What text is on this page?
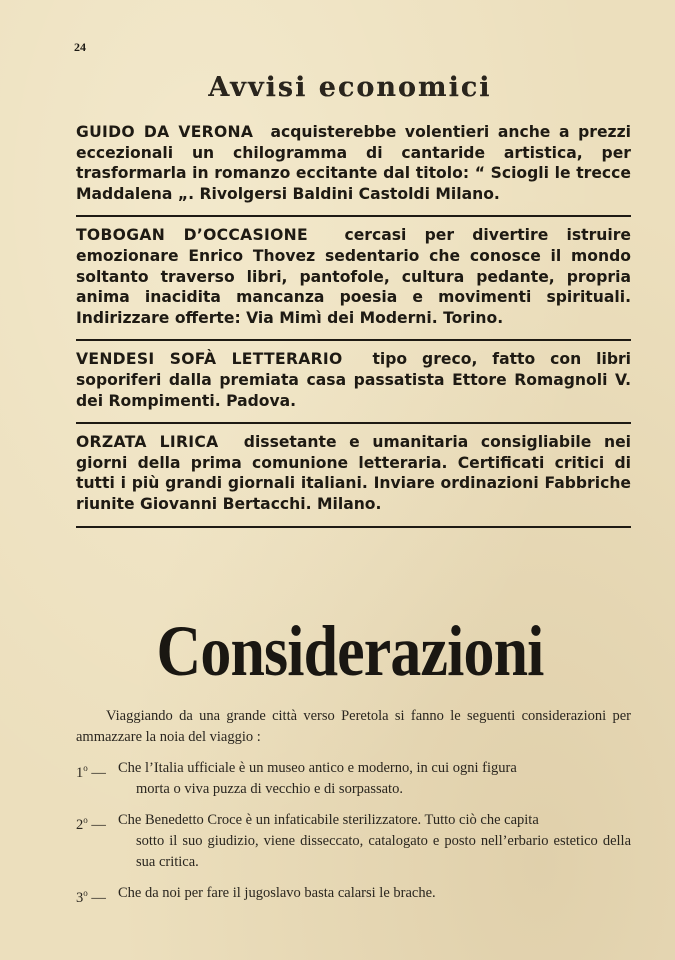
24
Avvisi economici

GUIDO DA VERONA acquisterebbe volentieri anche a prezzi eccezionali un chilogramma di cantaride artistica, per trasformarla in romanzo eccitante dal titolo: “ Sciogli le trecce Maddalena „. Rivolgersi Baldini Castoldi Milano.

TOBOGAN D’OCCASIONE cercasi per divertire istruire emozionare Enrico Thovez sedentario che conosce il mondo soltanto traverso libri, pantofole, cultura pedante, propria anima inacidita mancanza poesia e movimenti spirituali. Indirizzare offerte: Via Mimì dei Moderni. Torino.

VENDESI SOFÀ LETTERARIO tipo greco, fatto con libri soporiferi dalla premiata casa passatista Ettore Romagnoli V. dei Rompimenti. Padova.

ORZATA LIRICA dissetante e umanitaria consigliabile nei giorni della prima comunione letteraria. Certificati critici di tutti i più grandi giornali italiani. Inviare ordinazioni Fabbriche riunite Giovanni Bertacchi. Milano.

Considerazioni

Viaggiando da una grande città verso Peretola si fanno le seguenti considerazioni per ammazzare la noia del viaggio :

1$^o$ — Che l’Italia ufficiale è un museo antico e moderno, in cui ogni figura
morta o viva puzza di vecchio e di sorpassato.
2$^o$ — Che Benedetto Croce è un infaticabile sterilizzatore. Tutto ciò che capita
sotto il suo giudizio, viene disseccato, catalogato e posto nell’erbario estetico della sua critica.
3$^o$ — Che da noi per fare il jugoslavo basta calarsi le brache.
